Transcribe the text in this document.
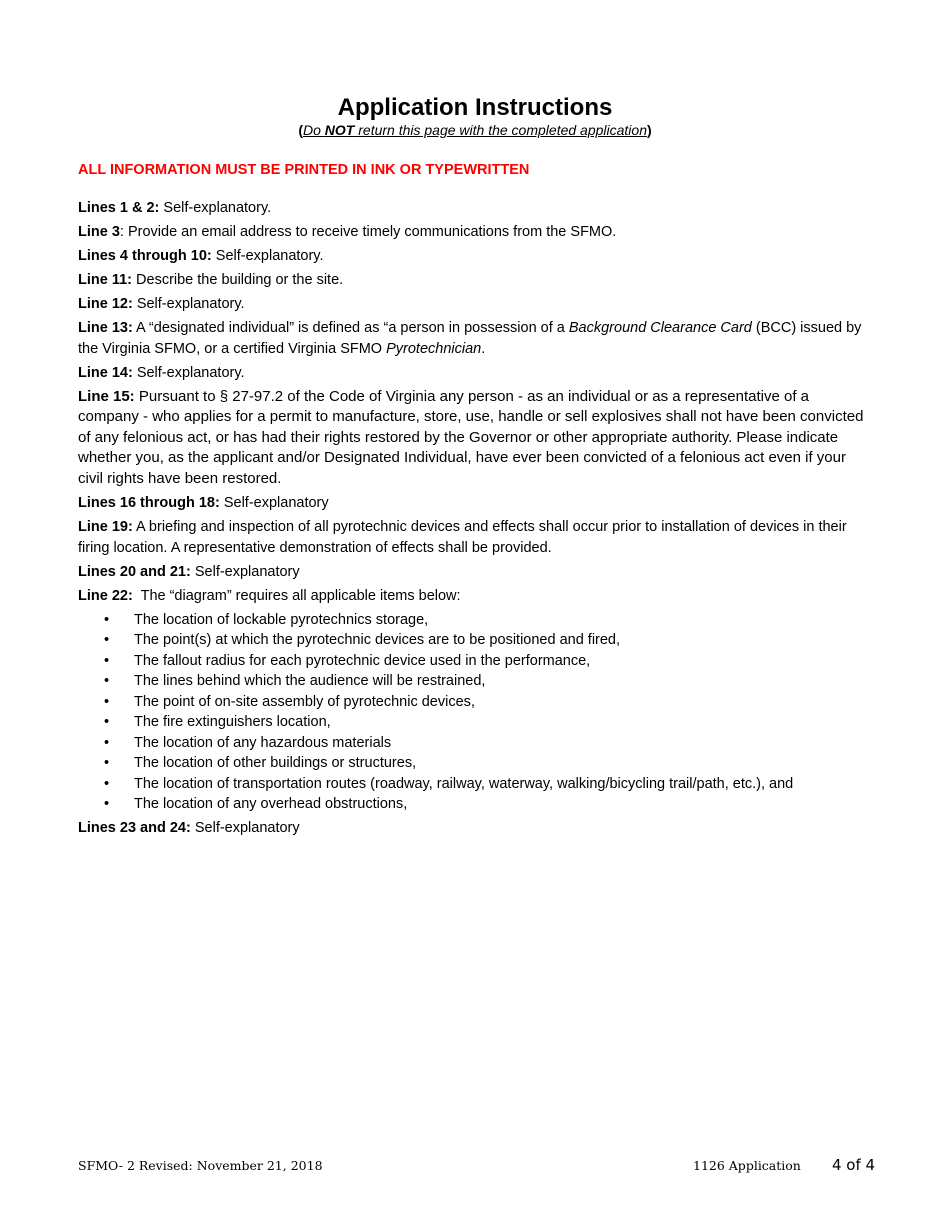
Application Instructions
(Do NOT return this page with the completed application)
ALL INFORMATION MUST BE PRINTED IN INK OR TYPEWRITTEN

Lines 1 & 2: Self-explanatory.

Line 3: Provide an email address to receive timely communications from the SFMO.

Lines 4 through 10: Self-explanatory.

Line 11: Describe the building or the site.

Line 12: Self-explanatory.

Line 13: A “designated individual” is defined as “a person in possession of a Background Clearance Card (BCC) issued by the Virginia SFMO, or a certified Virginia SFMO Pyrotechnician.

Line 14: Self-explanatory.

Line 15: Pursuant to § 27-97.2 of the Code of Virginia any person - as an individual or as a representative of a company - who applies for a permit to manufacture, store, use, handle or sell explosives shall not have been convicted of any felonious act, or has had their rights restored by the Governor or other appropriate authority. Please indicate whether you, as the applicant and/or Designated Individual, have ever been convicted of a felonious act even if your civil rights have been restored.

Lines 16 through 18: Self-explanatory

Line 19: A briefing and inspection of all pyrotechnic devices and effects shall occur prior to installation of devices in their firing location. A representative demonstration of effects shall be provided.

Lines 20 and 21: Self-explanatory

Line 22:  The “diagram” requires all applicable items below:

• The location of lockable pyrotechnics storage,
• The point(s) at which the pyrotechnic devices are to be positioned and fired,
• The fallout radius for each pyrotechnic device used in the performance,
• The lines behind which the audience will be restrained,
• The point of on-site assembly of pyrotechnic devices,
• The fire extinguishers location,
• The location of any hazardous materials
• The location of other buildings or structures,
• The location of transportation routes (roadway, railway, waterway, walking/bicycling trail/path, etc.), and
• The location of any overhead obstructions,

Lines 23 and 24: Self-explanatory

SFMO- 2 Revised: November 21, 2018	1126 Application 4 of 4
